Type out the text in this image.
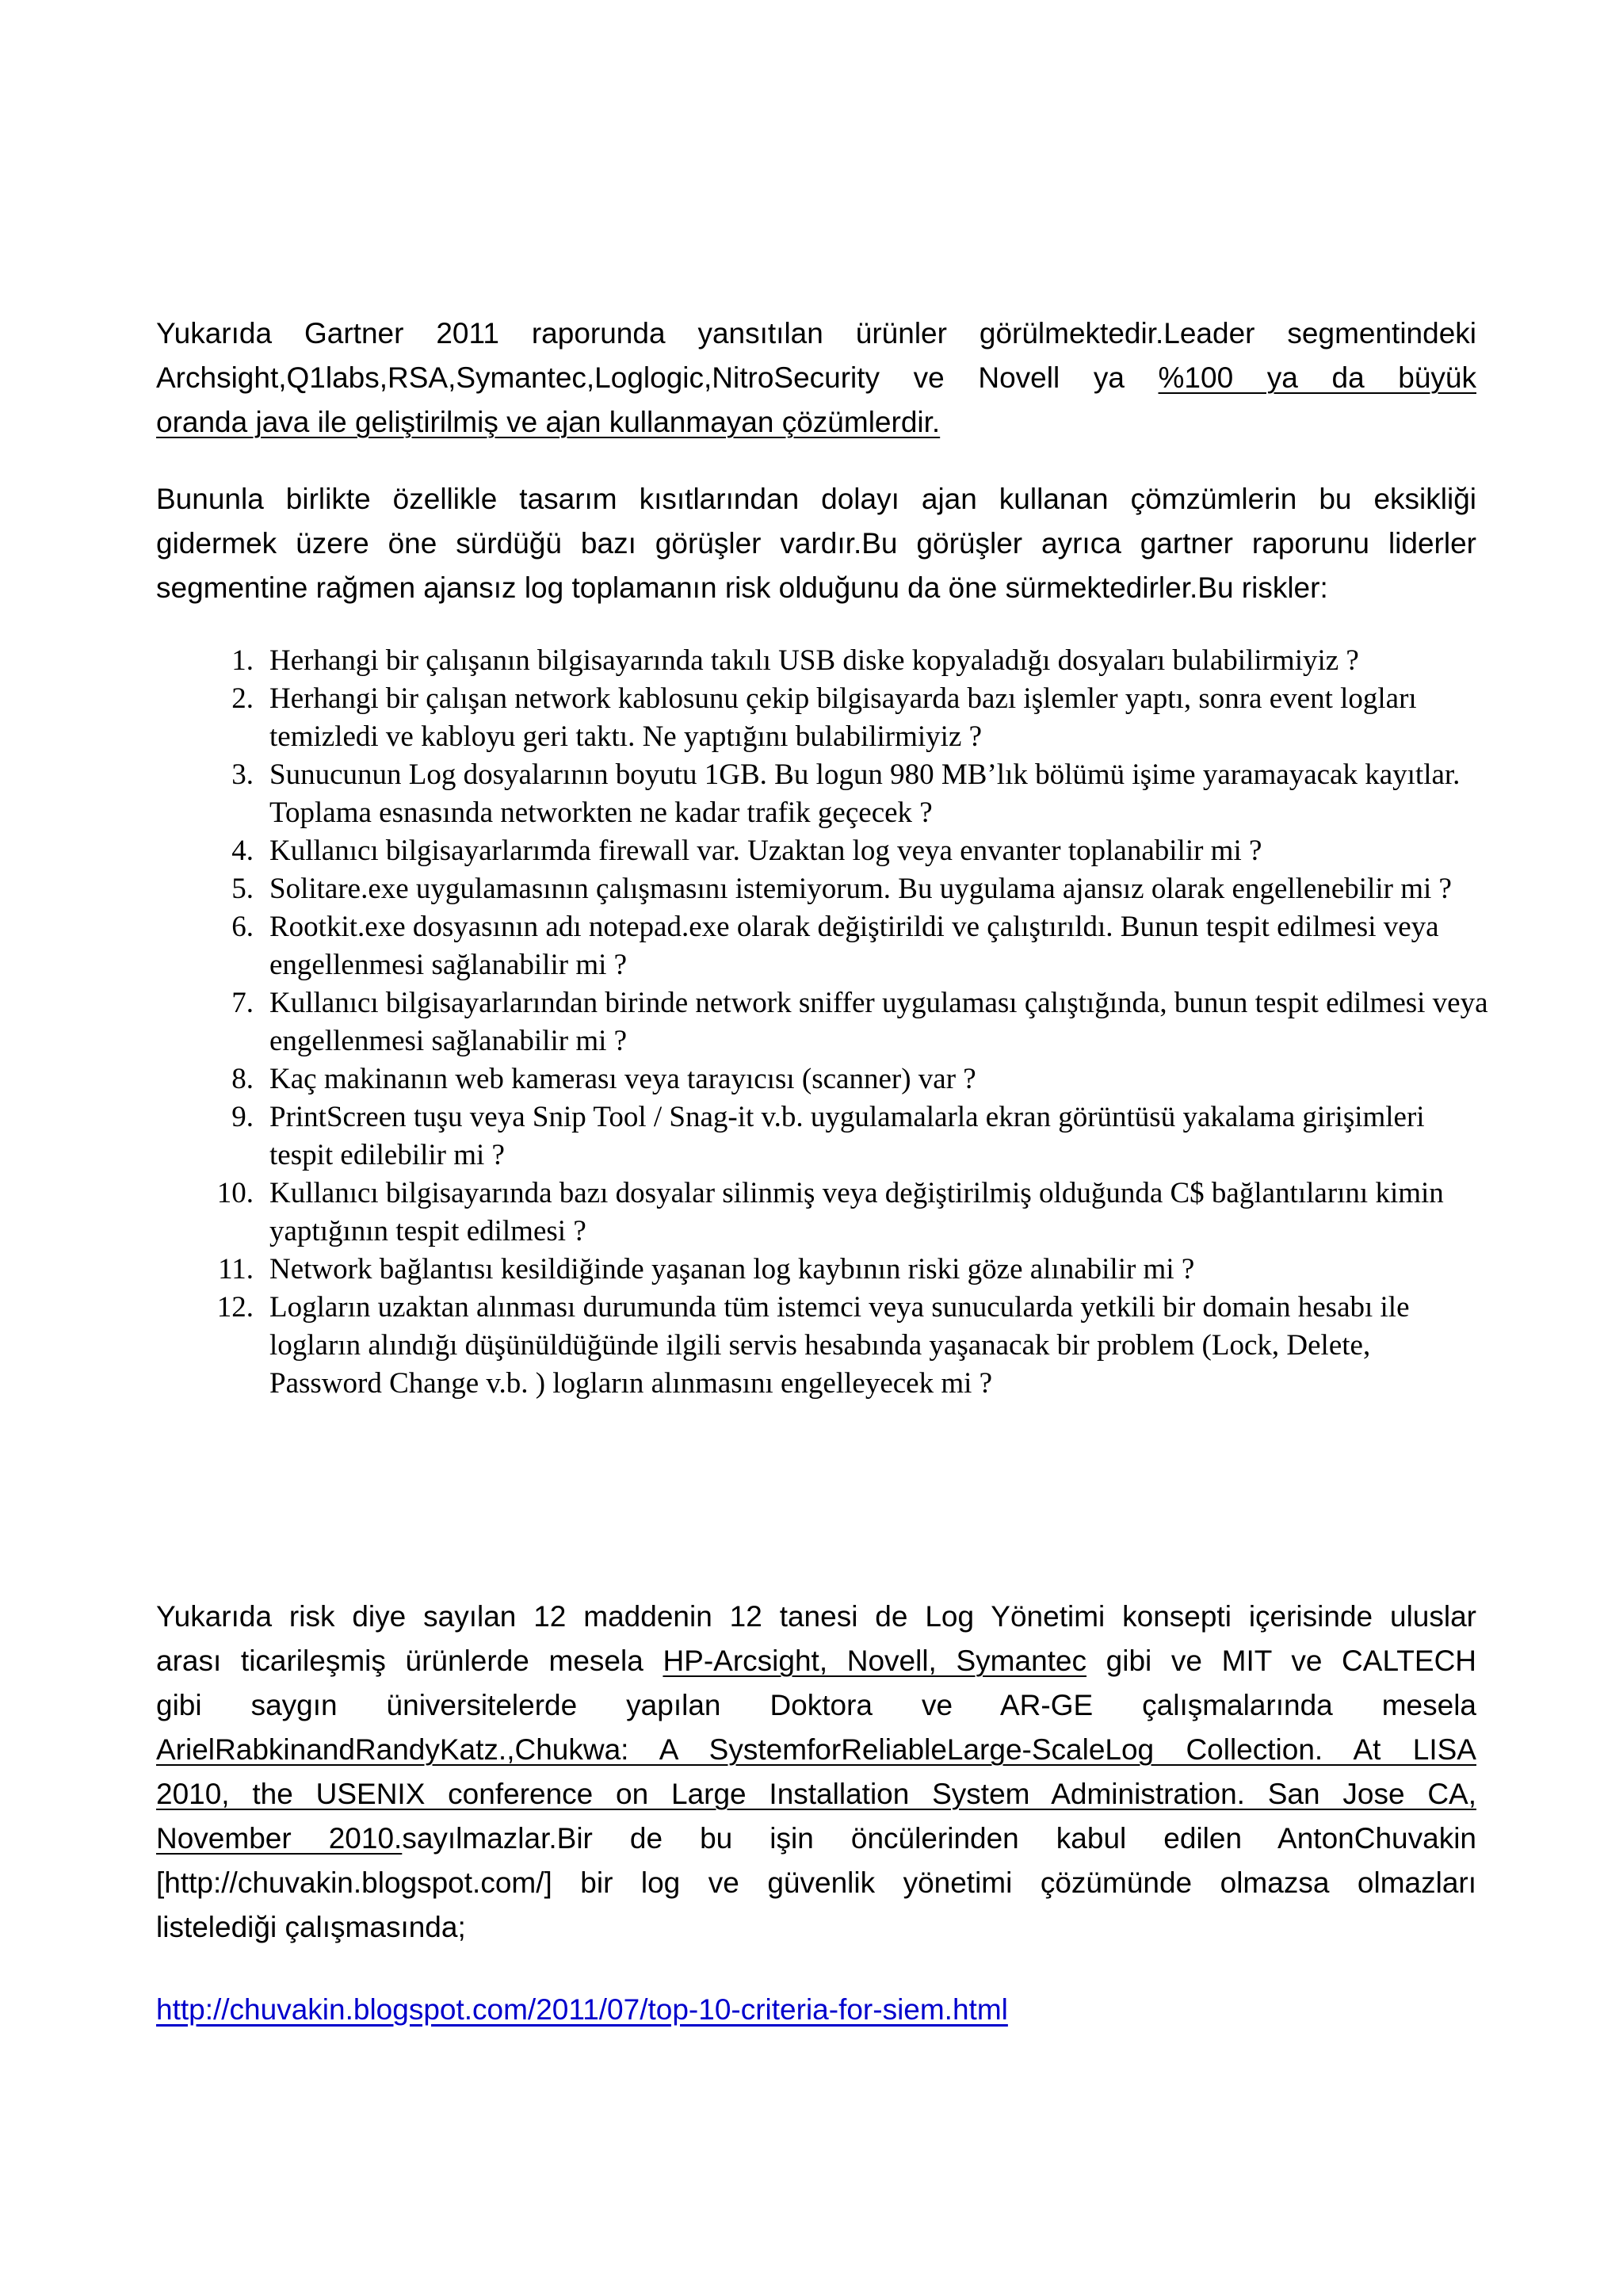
Yukarıda Gartner 2011 raporunda yansıtılan ürünler görülmektedir.Leader segmentindeki
Archsight,Q1labs,RSA,Symantec,Loglogic,NitroSecurity ve Novell ya %100 ya da büyük
oranda java ile geliştirilmiş ve ajan kullanmayan çözümlerdir.
Bununla birlikte özellikle tasarım kısıtlarından dolayı ajan kullanan çömzümlerin bu eksikliği
gidermek üzere öne sürdüğü bazı görüşler vardır.Bu görüşler ayrıca gartner raporunu liderler
segmentine rağmen ajansız log toplamanın risk olduğunu da öne sürmektedirler.Bu riskler:
1. Herhangi bir çalışanın bilgisayarında takılı USB diske kopyaladığı dosyaları bulabilirmiyiz ?
2. Herhangi bir çalışan network kablosunu çekip bilgisayarda bazı işlemler yaptı, sonra event logları temizledi ve kabloyu geri taktı. Ne yaptığını bulabilirmiyiz ?
3. Sunucunun Log dosyalarının boyutu 1GB. Bu logun 980 MB’lık bölümü işime yaramayacak kayıtlar. Toplama esnasında networkten ne kadar trafik geçecek ?
4. Kullanıcı bilgisayarlarımda firewall var. Uzaktan log veya envanter toplanabilir mi ?
5. Solitare.exe uygulamasının çalışmasını istemiyorum. Bu uygulama ajansız olarak engellenebilir mi ?
6. Rootkit.exe dosyasının adı notepad.exe olarak değiştirildi ve çalıştırıldı. Bunun tespit edilmesi veya engellenmesi sağlanabilir mi ?
7. Kullanıcı bilgisayarlarından birinde network sniffer uygulaması çalıştığında, bunun tespit edilmesi veya engellenmesi sağlanabilir mi ?
8. Kaç makinanın web kamerası veya tarayıcısı (scanner) var ?
9. PrintScreen tuşu veya Snip Tool / Snag-it v.b. uygulamalarla ekran görüntüsü yakalama girişimleri tespit edilebilir mi ?
10. Kullanıcı bilgisayarında bazı dosyalar silinmiş veya değiştirilmiş olduğunda C$ bağlantılarını kimin yaptığının tespit edilmesi ?
11. Network bağlantısı kesildiğinde yaşanan log kaybının riski göze alınabilir mi ?
12. Logların uzaktan alınması durumunda tüm istemci veya sunucularda yetkili bir domain hesabı ile logların alındığı düşünüldüğünde ilgili servis hesabında yaşanacak bir problem (Lock, Delete, Password Change v.b. ) logların alınmasını engelleyecek mi ?
Yukarıda risk diye sayılan 12 maddenin 12 tanesi de Log Yönetimi konsepti içerisinde uluslar
arası ticarileşmiş ürünlerde mesela HP-Arcsight, Novell, Symantec gibi ve MIT ve CALTECH
gibi saygın üniversitelerde yapılan Doktora ve AR-GE çalışmalarında mesela
ArielRabkinandRandyKatz.,Chukwa: A SystemforReliableLarge-ScaleLog Collection. At LISA
2010, the USENIX conference on Large Installation System Administration. San Jose CA,
November 2010.sayılmazlar.Bir de bu işin öncülerinden kabul edilen AntonChuvakin
[http://chuvakin.blogspot.com/] bir log ve güvenlik yönetimi çözümünde olmazsa olmazları
listelediği çalışmasında;
http://chuvakin.blogspot.com/2011/07/top-10-criteria-for-siem.html
